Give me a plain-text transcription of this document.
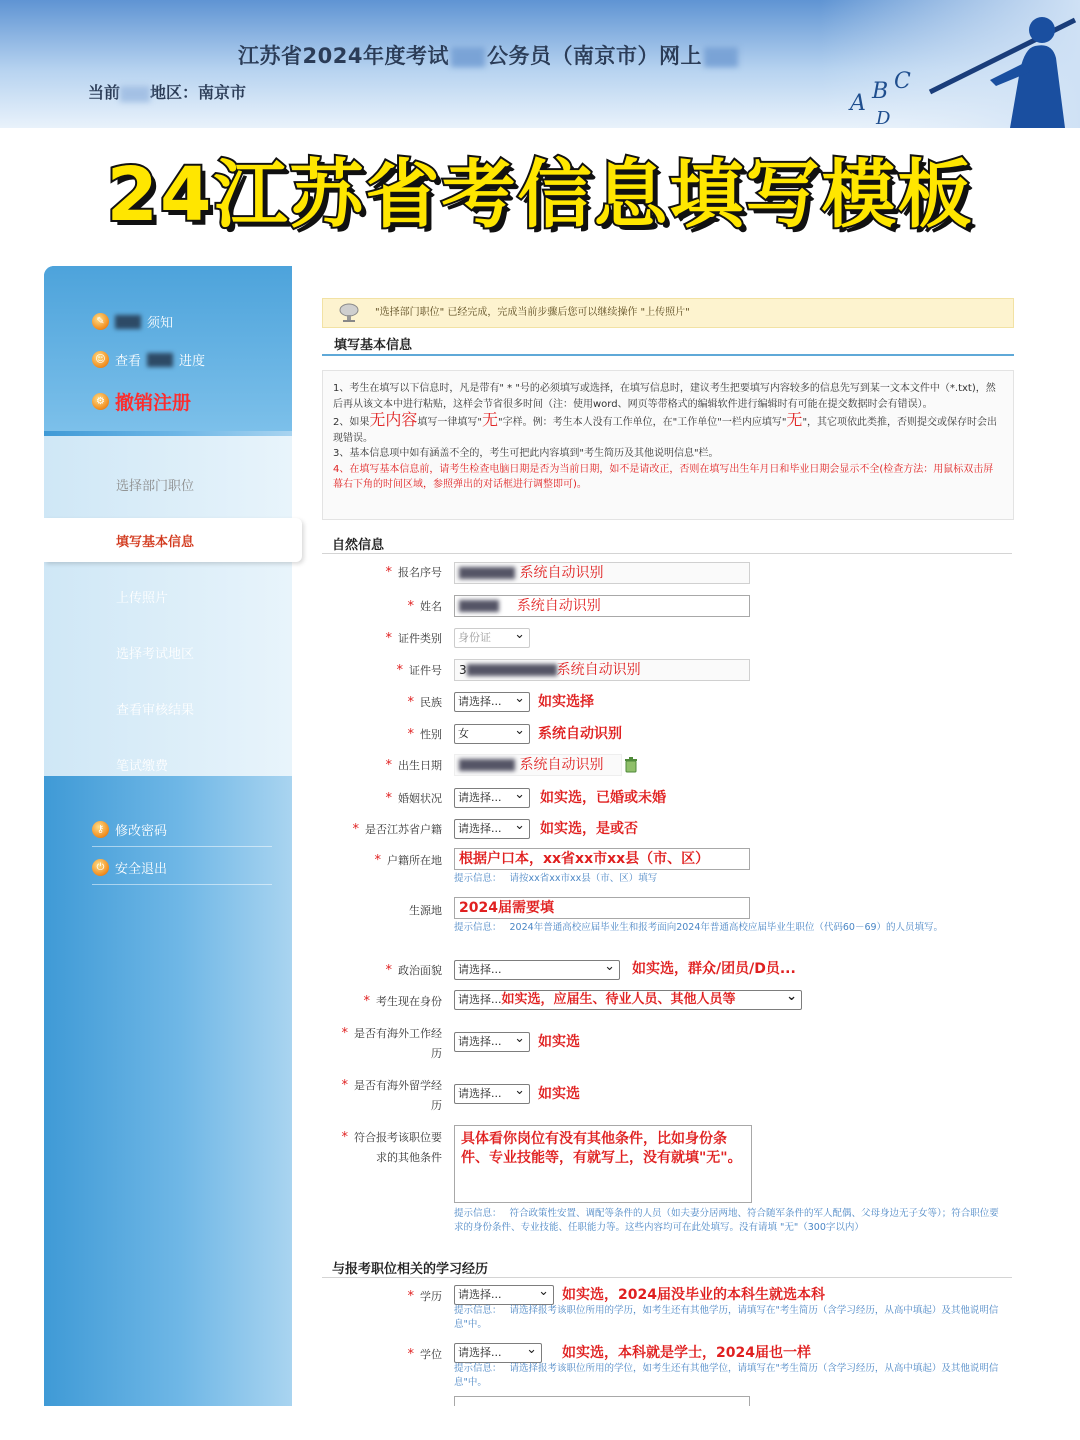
江苏省2024年度考试 公务员（南京市）网上
当前 地区：南京市	A B C
D
24江苏省考信息填写模板
✎	须知
☺ 查看	进度
⚙ 撤销注册
选择部门职位
填写基本信息
上传照片
选择考试地区
查看审核结果
笔试缴费
⚷ 修改密码
⏻ 安全退出
"选择部门职位" 已经完成，完成当前步骤后您可以继续操作 "上传照片"
填写基本信息
1、考生在填写以下信息时，凡是带有" * "号的必须填写或选择，在填写信息时，建议考生把要填写内容较多的信息先写到某一文本文件中（*.txt)，然后再从该文本中进行粘贴，这样会节省很多时间（注：使用word、网页等带格式的编辑软件进行编辑时有可能在提交数据时会有错误）。
2、如果无内容填写一律填写"无"字样。例：考生本人没有工作单位，在"工作单位"一栏内应填写"无"，其它项依此类推，否则提交或保存时会出现错误。
3、基本信息项中如有涵盖不全的，考生可把此内容填到"考生简历及其他说明信息"栏。
4、在填写基本信息前，请考生检查电脑日期是否为当前日期，如不是请改正，否则在填写出生年月日和毕业日期会显示不全(检查方法：用鼠标双击屏幕右下角的时间区域，参照弹出的对话框进行调整即可)。
自然信息
* 报名序号	系统自动识别
* 姓名	系统自动识别
* 证件类别	身份证 ⌄
* 证件号	3	系统自动识别
* 民族	请选择... ⌄	如实选择
* 性别	女 ⌄	系统自动识别
* 出生日期	系统自动识别
* 婚姻状况	请选择... ⌄	如实选，已婚或未婚
* 是否江苏省户籍	请选择... ⌄	如实选，是或否
* 户籍所在地	根据户口本，xx省xx市xx县（市、区）
提示信息： 请按xx省xx市xx县（市、区）填写
生源地	2024届需要填
提示信息： 2024年普通高校应届毕业生和报考面向2024年普通高校应届毕业生职位（代码60－69）的人员填写。
* 政治面貌	请选择... ⌄	如实选，群众/团员/D员...
* 考生现在身份	请选择...如实选，应届生、待业人员、其他人员等 ⌄
* 是否有海外工作经
历
请选择... ⌄	如实选
* 是否有海外留学经
历
请选择... ⌄	如实选
* 符合报考该职位要
求的其他条件
具体看你岗位有没有其他条件，比如身份条件、专业技能等，有就写上，没有就填"无"。
提示信息： 符合政策性安置、调配等条件的人员（如夫妻分居两地、符合随军条件的军人配偶、父母身边无子女等）；符合职位要求的身份条件、专业技能、任职能力等。这些内容均可在此处填写。没有请填 "无"（300字以内）
与报考职位相关的学习经历
* 学历	请选择... ⌄	如实选，2024届没毕业的本科生就选本科
提示信息： 请选择报考该职位所用的学历，如考生还有其他学历，请填写在"考生简历（含学习经历，从高中填起）及其他说明信息"中。
* 学位	请选择... ⌄	如实选，本科就是学士，2024届也一样
提示信息： 请选择报考该职位所用的学位，如考生还有其他学位，请填写在"考生简历（含学习经历，从高中填起）及其他说明信息"中。
